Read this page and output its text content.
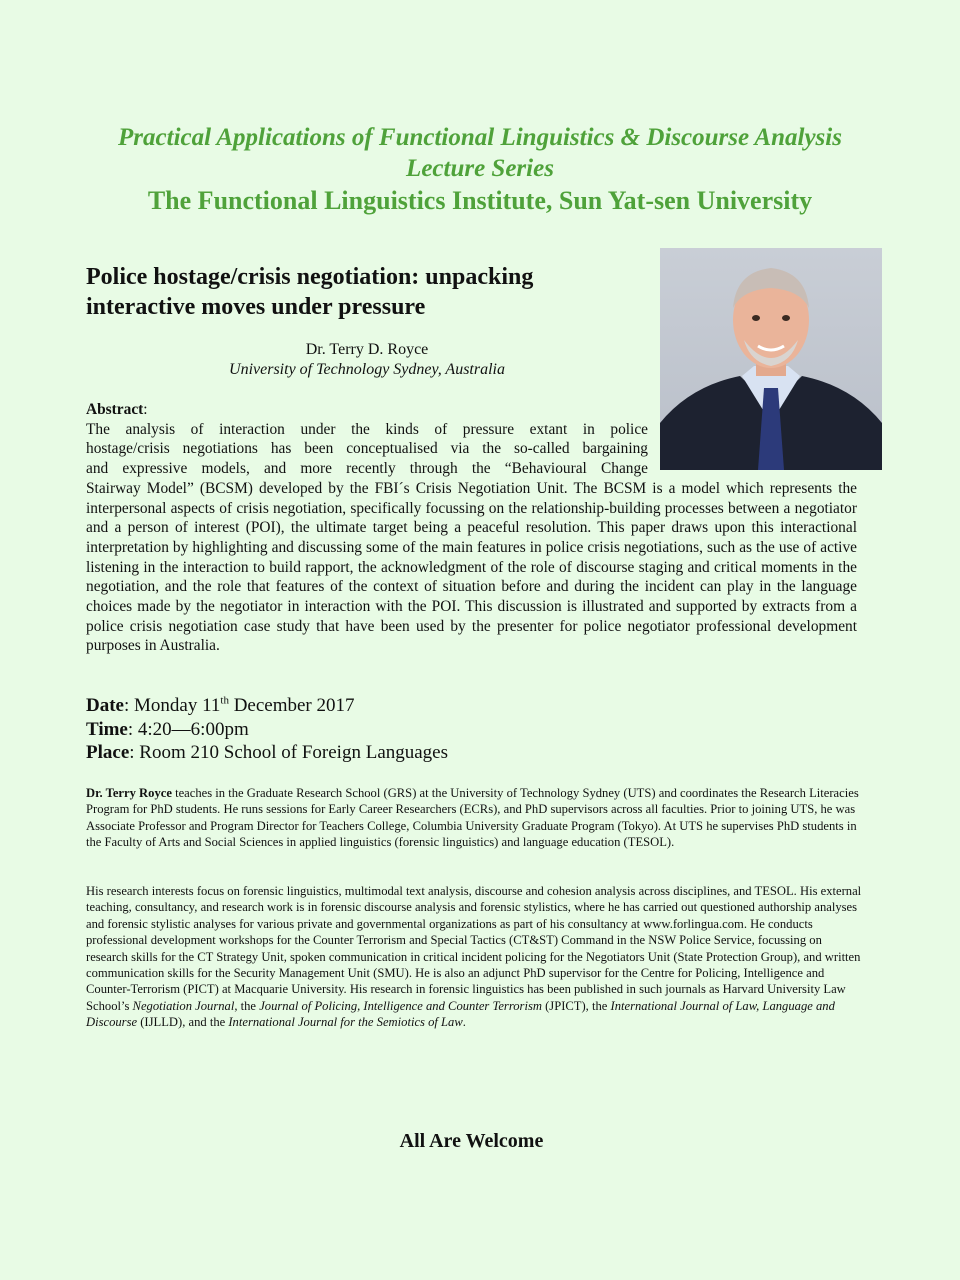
Practical Applications of Functional Linguistics & Discourse Analysis
Lecture Series
The Functional Linguistics Institute, Sun Yat-sen University
Police hostage/crisis negotiation: unpacking
interactive moves under pressure
Dr. Terry D. Royce
University of Technology Sydney, Australia
Abstract:
The analysis of interaction under the kinds of pressure extant in police
hostage/crisis negotiations has been conceptualised via the so-called bargaining
and expressive models, and more recently through the “Behavioural Change
Stairway Model” (BCSM) developed by the FBI´s Crisis Negotiation Unit. The BCSM is a model which represents the interpersonal aspects of crisis negotiation, specifically focussing on the relationship-building processes between a negotiator and a person of interest (POI), the ultimate target being a peaceful resolution. This paper draws upon this interactional interpretation by highlighting and discussing some of the main features in police crisis negotiations, such as the use of active listening in the interaction to build rapport, the acknowledgment of the role of discourse staging and critical moments in the negotiation, and the role that features of the context of situation before and during the incident can play in the language choices made by the negotiator in interaction with the POI. This discussion is illustrated and supported by extracts from a police crisis negotiation case study that have been used by the presenter for police negotiator professional development purposes in Australia.
Date: Monday 11th December 2017
Time: 4:20—6:00pm
Place: Room 210 School of Foreign Languages
Dr. Terry Royce teaches in the Graduate Research School (GRS) at the University of Technology Sydney (UTS) and coordinates the Research Literacies Program for PhD students. He runs sessions for Early Career Researchers (ECRs), and PhD supervisors across all faculties. Prior to joining UTS, he was Associate Professor and Program Director for Teachers College, Columbia University Graduate Program (Tokyo). At UTS he supervises PhD students in the Faculty of Arts and Social Sciences in applied linguistics (forensic linguistics) and language education (TESOL).
His research interests focus on forensic linguistics, multimodal text analysis, discourse and cohesion analysis across disciplines, and TESOL. His external teaching, consultancy, and research work is in forensic discourse analysis and forensic stylistics, where he has carried out questioned authorship analyses and forensic stylistic analyses for various private and governmental organizations as part of his consultancy at www.forlingua.com. He conducts professional development workshops for the Counter Terrorism and Special Tactics (CT&ST) Command in the NSW Police Service, focussing on research skills for the CT Strategy Unit, spoken communication in critical incident policing for the Negotiators Unit (State Protection Group), and written communication skills for the Security Management Unit (SMU). He is also an adjunct PhD supervisor for the Centre for Policing, Intelligence and Counter-Terrorism (PICT) at Macquarie University. His research in forensic linguistics has been published in such journals as Harvard University Law School’s Negotiation Journal, the Journal of Policing, Intelligence and Counter Terrorism (JPICT), the International Journal of Law, Language and Discourse (IJLLD), and the International Journal for the Semiotics of Law.
All Are Welcome
